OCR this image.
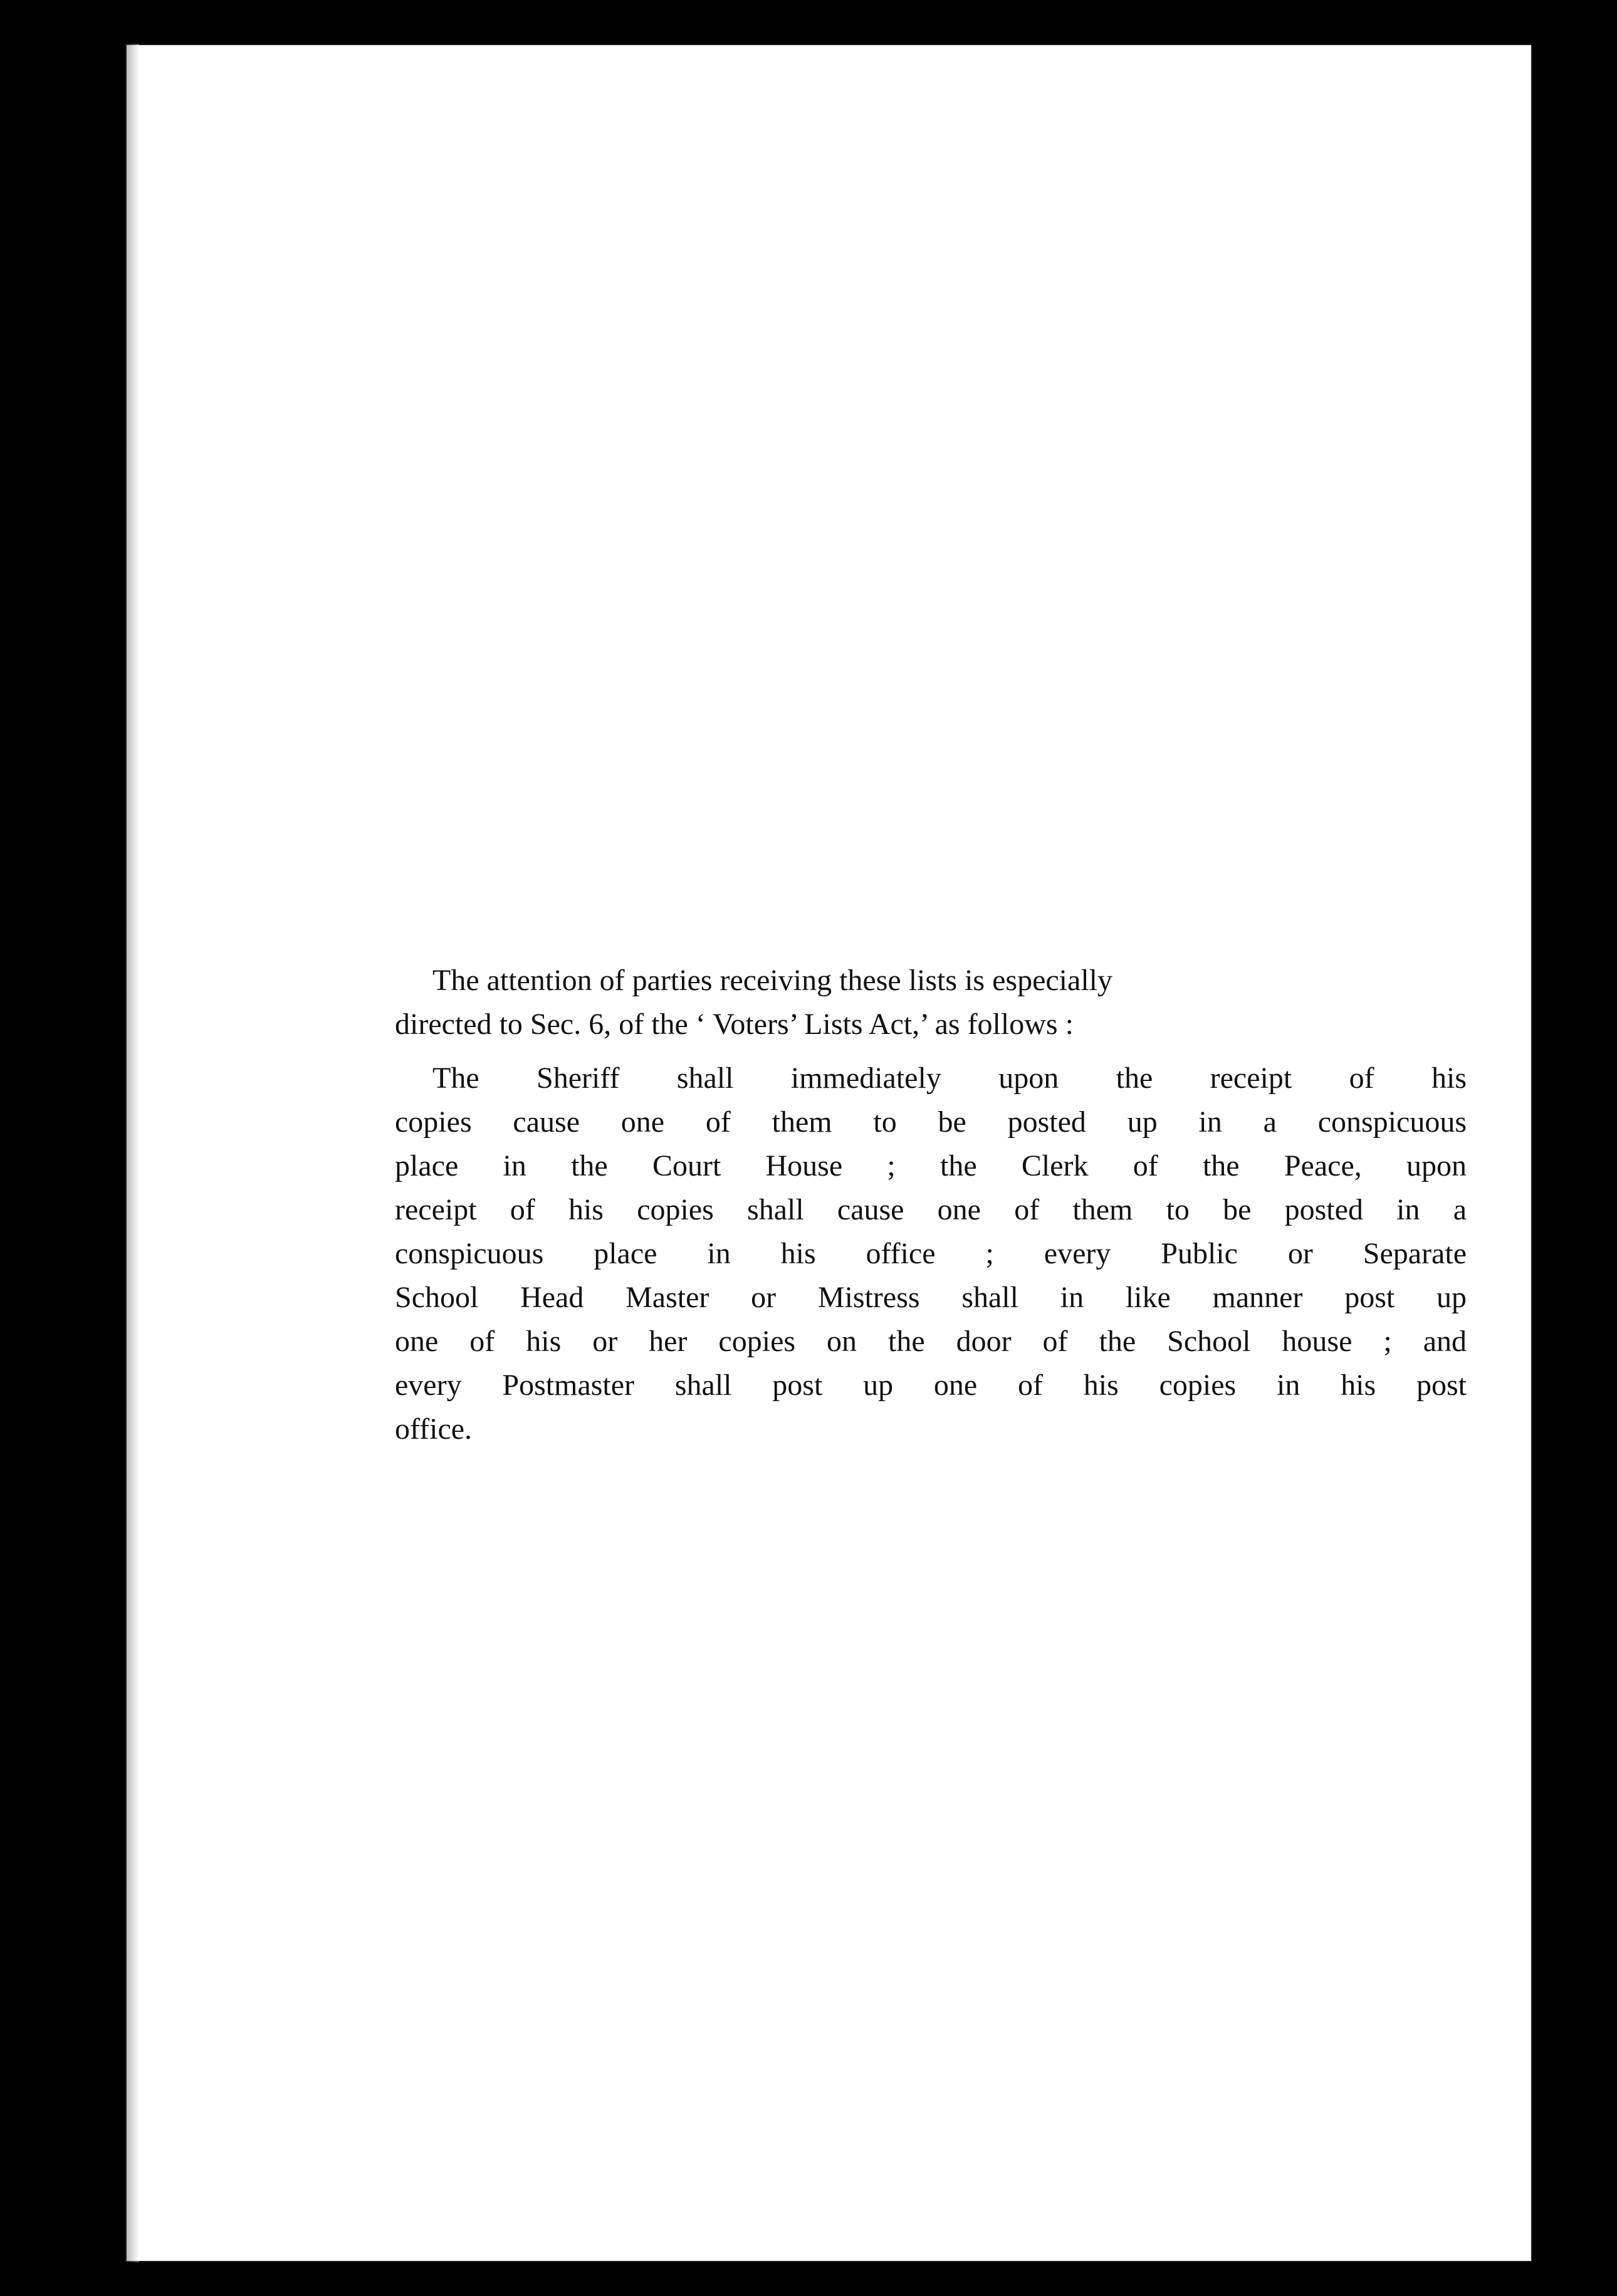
The attention of parties receiving these lists is especially
directed to Sec. 6, of the ‘ Voters’ Lists Act,’ as follows :

The Sheriff shall immediately upon the receipt of his
copies cause one of them to be posted up in a conspicuous
place in the Court House ; the Clerk of the Peace, upon
receipt of his copies shall cause one of them to be posted in a
conspicuous place in his office ; every Public or Separate
School Head Master or Mistress shall in like manner post up
one of his or her copies on the door of the School house ; and
every Postmaster shall post up one of his copies in his post
office.
